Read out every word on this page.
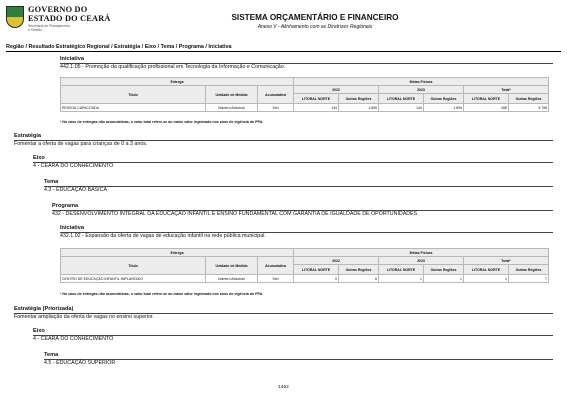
GOVERNO DO
ESTADO DO CEARÁ
Secretaria do Planejamento
e Gestão
SISTEMA ORÇAMENTÁRIO E FINANCEIRO
Anexo V - Alinhamento com as Diretrizes Regionais
Região / Resultado Estratégico Regional / Estratégia / Eixo / Tema / Programa / Iniciativa
Iniciativa
442.1.05 - Promoção da qualificação profissional em Tecnologia da Informação e Comunicação.
Entrega			Metas Físicas					
Título	Unidade de Medida	Acumulativa	2022		2023		Total*	
			LITORAL NORTE	Outras Regiões	LITORAL NORTE	Outras Regiões	LITORAL NORTE	Outras Regiões
PESSOA CAPACITADA	Número Absoluto	Sim	134	1.899	134	1.899	268	3.798
* No caso de entregas não acumulativas, o valor total refere-se ao maior valor registrado nos anos de vigência do PPA.
Estratégia
Fomentar a oferta de vagas para crianças de 0 a 3 anos.
Eixo
4 - CEARÁ DO CONHECIMENTO
Tema
4.3 - EDUCAÇÃO BÁSICA
Programa
432 - DESENVOLVIMENTO INTEGRAL DA EDUCAÇÃO INFANTIL E ENSINO FUNDAMENTAL COM GARANTIA DE IGUALDADE DE OPORTUNIDADES
Iniciativa
432.1.02 - Expansão da oferta de vagas de educação infantil na rede pública municipal.
Entrega			Metas Físicas					
Título	Unidade de Medida	Acumulativa	2022		2023		Total*	
			LITORAL NORTE	Outras Regiões	LITORAL NORTE	Outras Regiões	LITORAL NORTE	Outras Regiões
CENTRO DE EDUCAÇÃO INFANTIL IMPLANTADO	Número Absoluto	Sim	0	6	1	1	1	7
* No caso de entregas não acumulativas, o valor total refere-se ao maior valor registrado nos anos de vigência do PPA.
Estratégia (Priorizada)
Fomentar ampliação da oferta de vagas no ensino superior.
Eixo
4 - CEARÁ DO CONHECIMENTO
Tema
4.5 - EDUCAÇÃO SUPERIOR
1462
